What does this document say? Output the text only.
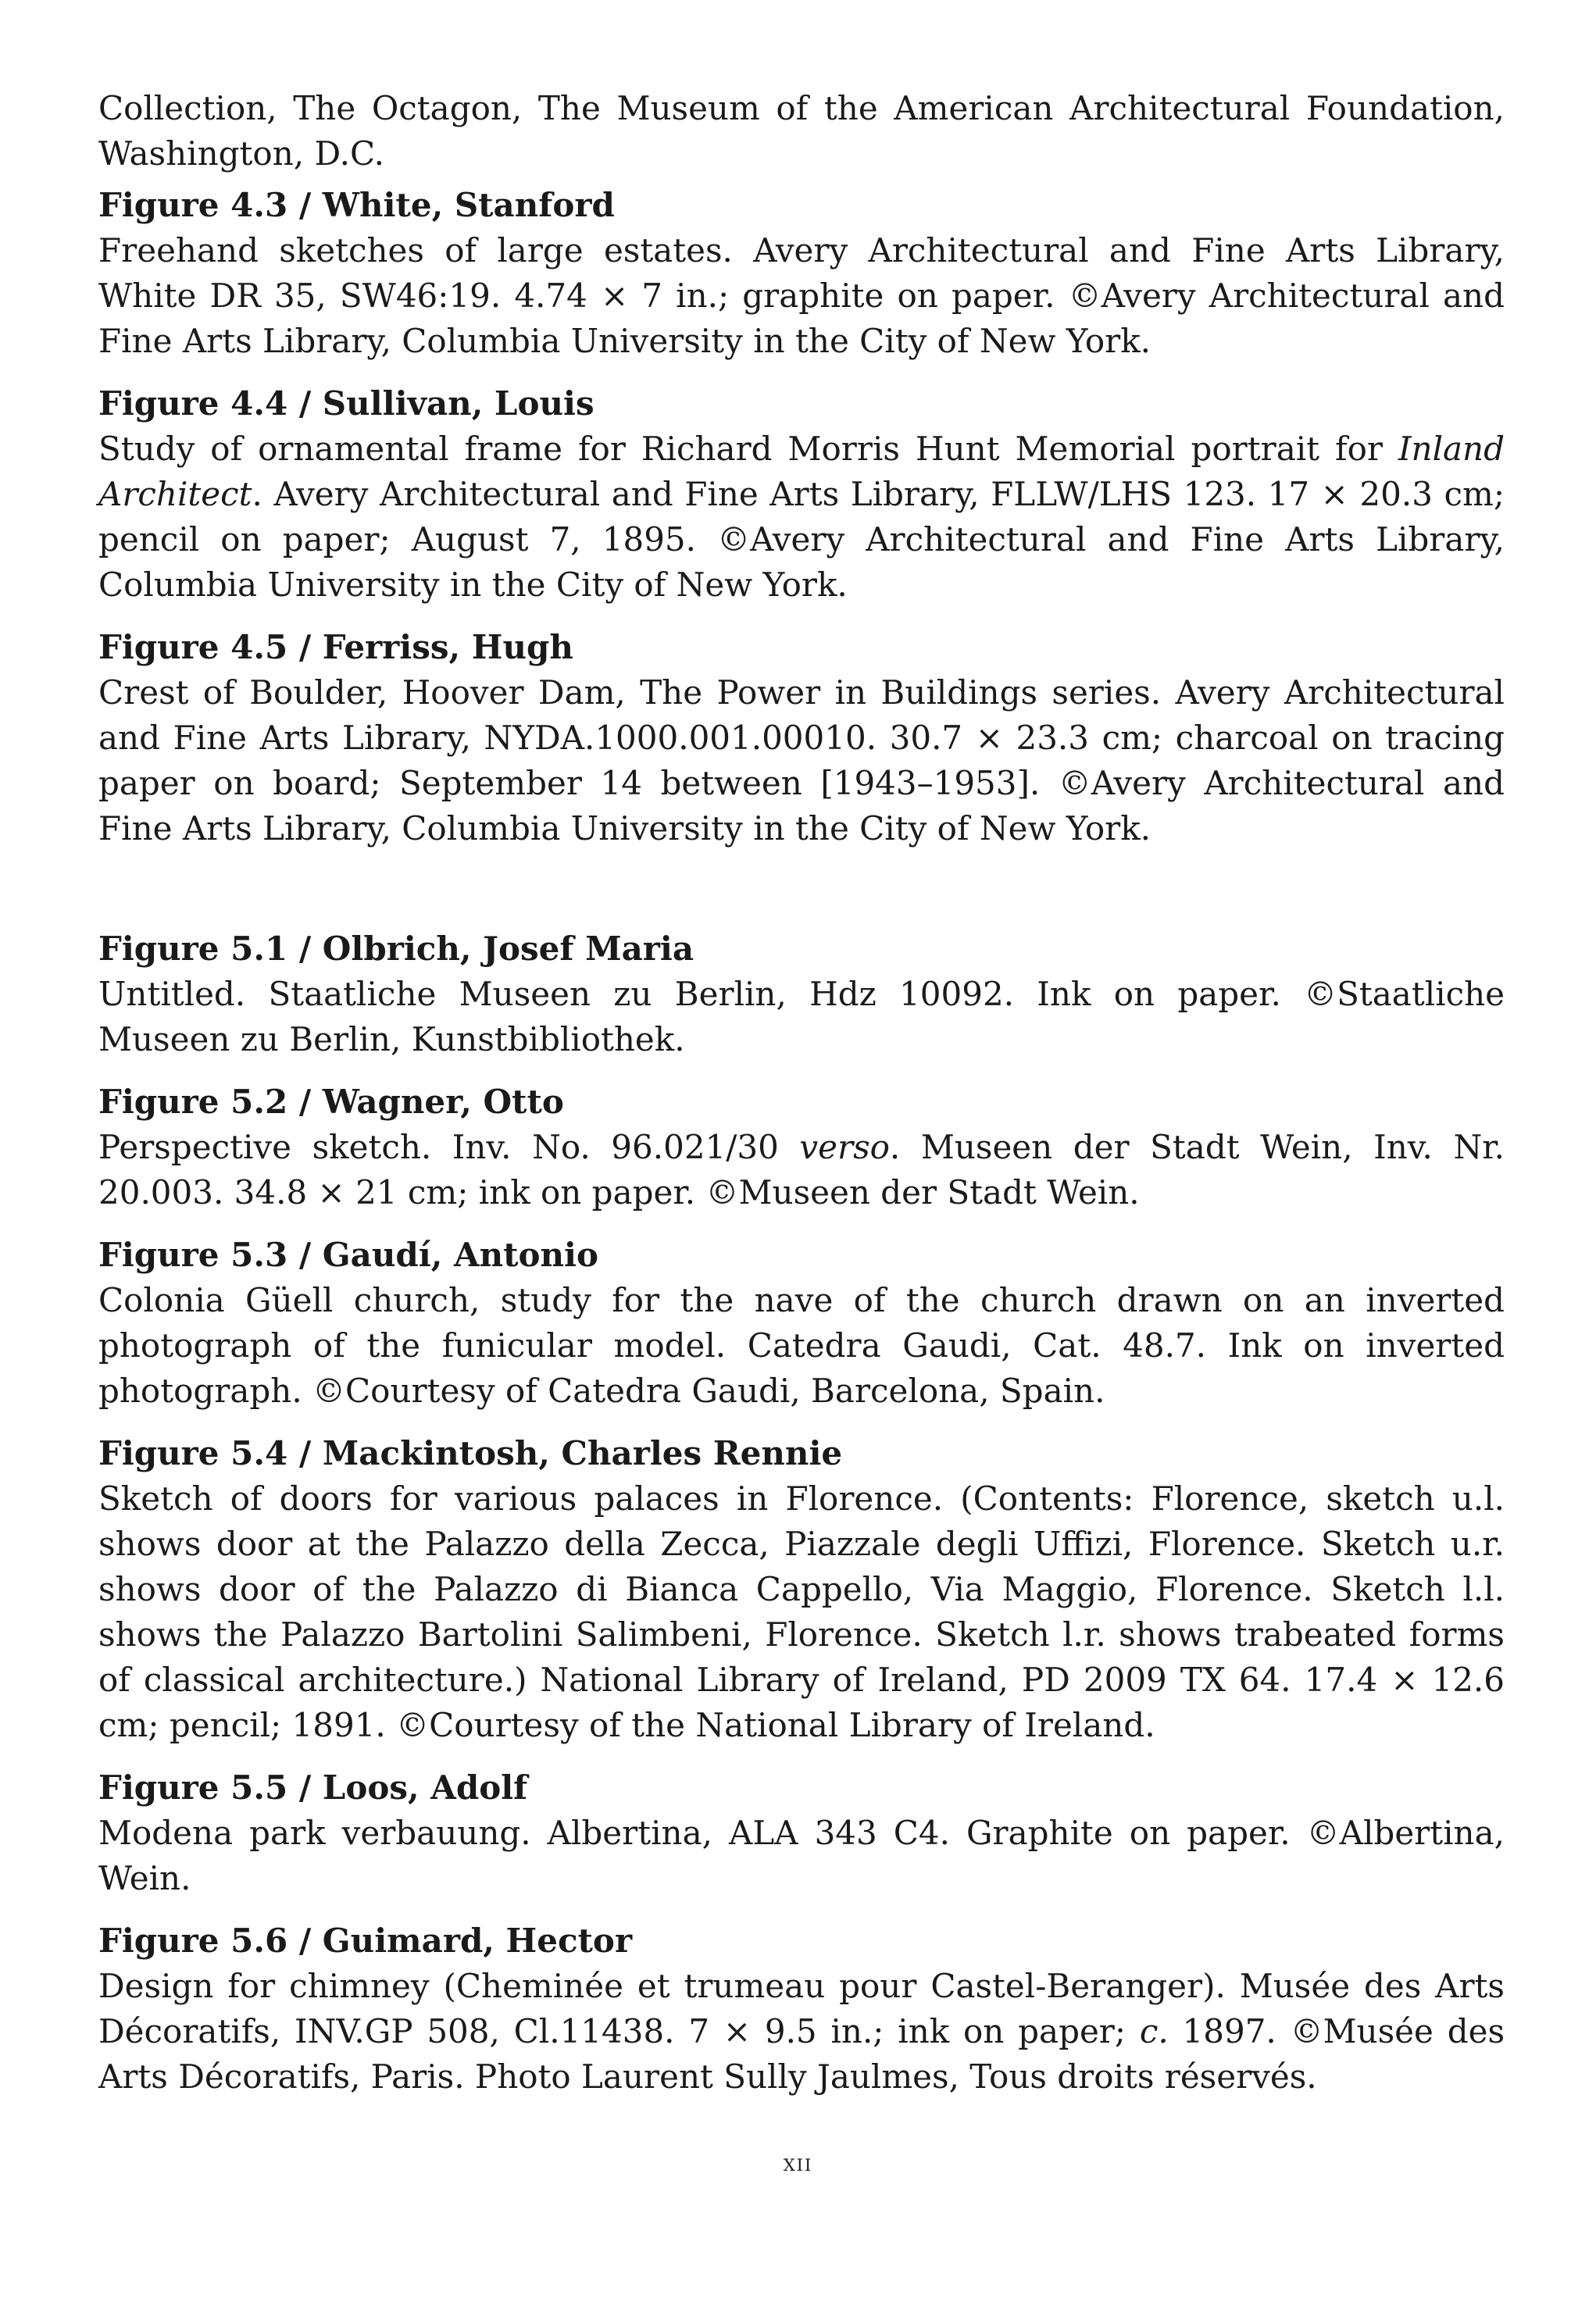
Collection, The Octagon, The Museum of the American Architectural Foundation, Washington, D.C.

Figure 4.3 / White, Stanford

Freehand sketches of large estates. Avery Architectural and Fine Arts Library, White DR 35, SW46:19. 4.74 × 7 in.; graphite on paper. ©Avery Architectural and Fine Arts Library, Columbia University in the City of New York.

Figure 4.4 / Sullivan, Louis

Study of ornamental frame for Richard Morris Hunt Memorial portrait for Inland Architect. Avery Architectural and Fine Arts Library, FLLW/LHS 123. 17 × 20.3 cm; pencil on paper; August 7, 1895. ©Avery Architectural and Fine Arts Library, Columbia University in the City of New York.

Figure 4.5 / Ferriss, Hugh

Crest of Boulder, Hoover Dam, The Power in Buildings series. Avery Architectural and Fine Arts Library, NYDA.1000.001.00010. 30.7 × 23.3 cm; charcoal on tracing paper on board; September 14 between [1943–1953]. ©Avery Architectural and Fine Arts Library, Columbia University in the City of New York.

Figure 5.1 / Olbrich, Josef Maria

Untitled. Staatliche Museen zu Berlin, Hdz 10092. Ink on paper. ©Staatliche Museen zu Berlin, Kunstbibliothek.

Figure 5.2 / Wagner, Otto

Perspective sketch. Inv. No. 96.021/30 verso. Museen der Stadt Wein, Inv. Nr. 20.003. 34.8 × 21 cm; ink on paper. ©Museen der Stadt Wein.

Figure 5.3 / Gaudí, Antonio

Colonia Güell church, study for the nave of the church drawn on an inverted photograph of the funicular model. Catedra Gaudi, Cat. 48.7. Ink on inverted photograph. ©Courtesy of Catedra Gaudi, Barcelona, Spain.

Figure 5.4 / Mackintosh, Charles Rennie

Sketch of doors for various palaces in Florence. (Contents: Florence, sketch u.l. shows door at the Palazzo della Zecca, Piazzale degli Uffizi, Florence. Sketch u.r. shows door of the Palazzo di Bianca Cappello, Via Maggio, Florence. Sketch l.l. shows the Palazzo Bartolini Salimbeni, Florence. Sketch l.r. shows trabeated forms of classical architecture.) National Library of Ireland, PD 2009 TX 64. 17.4 × 12.6 cm; pencil; 1891. ©Courtesy of the National Library of Ireland.

Figure 5.5 / Loos, Adolf

Modena park verbauung. Albertina, ALA 343 C4. Graphite on paper. ©Albertina, Wein.

Figure 5.6 / Guimard, Hector

Design for chimney (Cheminée et trumeau pour Castel-Beranger). Musée des Arts Décoratifs, INV.GP 508, Cl.11438. 7 × 9.5 in.; ink on paper; c. 1897. ©Musée des Arts Décoratifs, Paris. Photo Laurent Sully Jaulmes, Tous droits réservés.

xii
